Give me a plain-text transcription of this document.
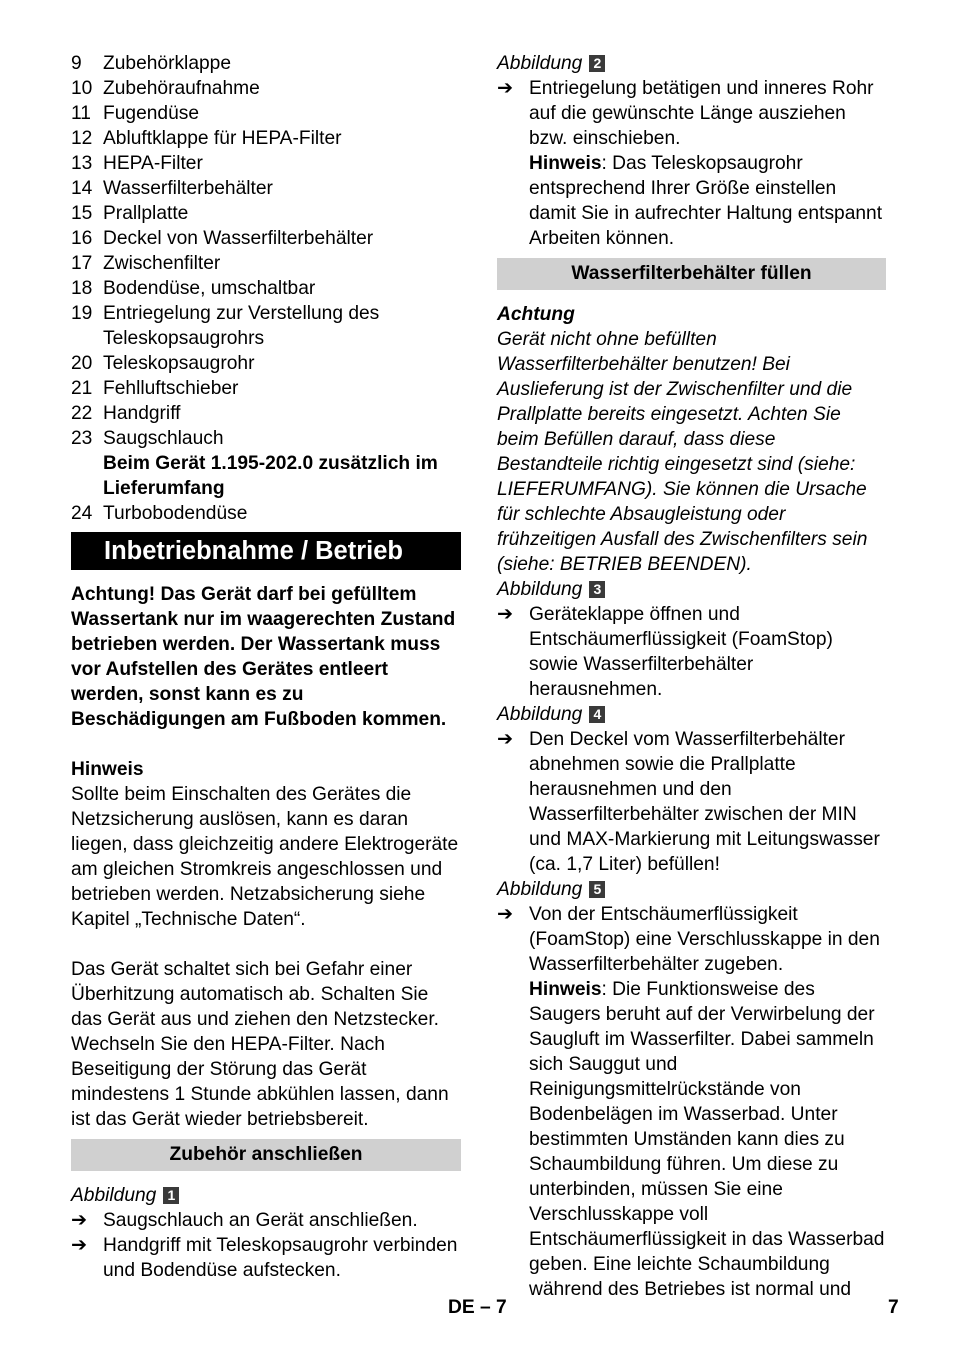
9	Zubehörklappe
10 Zubehöraufnahme
11 Fugendüse
12 Abluftklappe für HEPA-Filter
13 HEPA-Filter
14 Wasserfilterbehälter
15 Prallplatte
16 Deckel von Wasserfilterbehälter
17 Zwischenfilter
18 Bodendüse, umschaltbar
19 Entriegelung zur Verstellung des Teleskopsaugrohrs
20 Teleskopsaugrohr
21 Fehlluftschieber
22 Handgriff
23 Saugschlauch
Beim Gerät 1.195-202.0 zusätzlich im Lieferumfang
24 Turbobodendüse
Inbetriebnahme / Betrieb

Achtung! Das Gerät darf bei gefülltem Wassertank nur im waagerechten Zustand betrieben werden. Der Wassertank muss vor Aufstellen des Gerätes entleert werden, sonst kann es zu Beschädigungen am Fußboden kommen.

Hinweis

Sollte beim Einschalten des Gerätes die Netzsicherung auslösen, kann es daran liegen, dass gleichzeitig andere Elektrogeräte am gleichen Stromkreis angeschlossen und betrieben werden. Netzabsicherung siehe Kapitel „Technische Daten“.

Das Gerät schaltet sich bei Gefahr einer Überhitzung automatisch ab. Schalten Sie das Gerät aus und ziehen den Netzstecker. Wechseln Sie den HEPA-Filter. Nach Beseitigung der Störung das Gerät mindestens 1 Stunde abkühlen lassen, dann ist das Gerät wieder betriebsbereit.

Zubehör anschließen
Abbildung 1
➔ Saugschlauch an Gerät anschließen.
➔ Handgriff mit Teleskopsaugrohr verbinden und Bodendüse aufstecken.
Abbildung 2
➔ Entriegelung betätigen und inneres Rohr auf die gewünschte Länge ausziehen bzw. einschieben.
Hinweis: Das Teleskopsaugrohr entsprechend Ihrer Größe einstellen damit Sie in aufrechter Haltung entspannt Arbeiten können.
Wasserfilterbehälter füllen

Achtung

Gerät nicht ohne befüllten Wasserfilterbehälter benutzen! Bei Auslieferung ist der Zwischenfilter und die Prallplatte bereits eingesetzt. Achten Sie beim Befüllen darauf, dass diese Bestandteile richtig eingesetzt sind (siehe: LIEFERUMFANG). Sie können die Ursache für schlechte Absaugleistung oder frühzeitigen Ausfall des Zwischenfilters sein (siehe: BETRIEB BEENDEN).

Abbildung 3
➔ Geräteklappe öffnen und Entschäumerflüssigkeit (FoamStop) sowie Wasserfilterbehälter herausnehmen.
Abbildung 4
➔ Den Deckel vom Wasserfilterbehälter abnehmen sowie die Prallplatte herausnehmen und den Wasserfilterbehälter zwischen der MIN und MAX-Markierung mit Leitungswasser (ca. 1,7 Liter) befüllen!
Abbildung 5
➔ Von der Entschäumerflüssigkeit (FoamStop) eine Verschlusskappe in den Wasserfilterbehälter zugeben.
Hinweis: Die Funktionsweise des Saugers beruht auf der Verwirbelung der Saugluft im Wasserfilter. Dabei sammeln sich Sauggut und Reinigungsmittelrückstände von Bodenbelägen im Wasserbad. Unter bestimmten Umständen kann dies zu Schaumbildung führen. Um diese zu unterbinden, müssen Sie eine Verschlusskappe voll Entschäumerflüssigkeit in das Wasserbad geben. Eine leichte Schaumbildung während des Betriebes ist normal und
DE – 7	7
